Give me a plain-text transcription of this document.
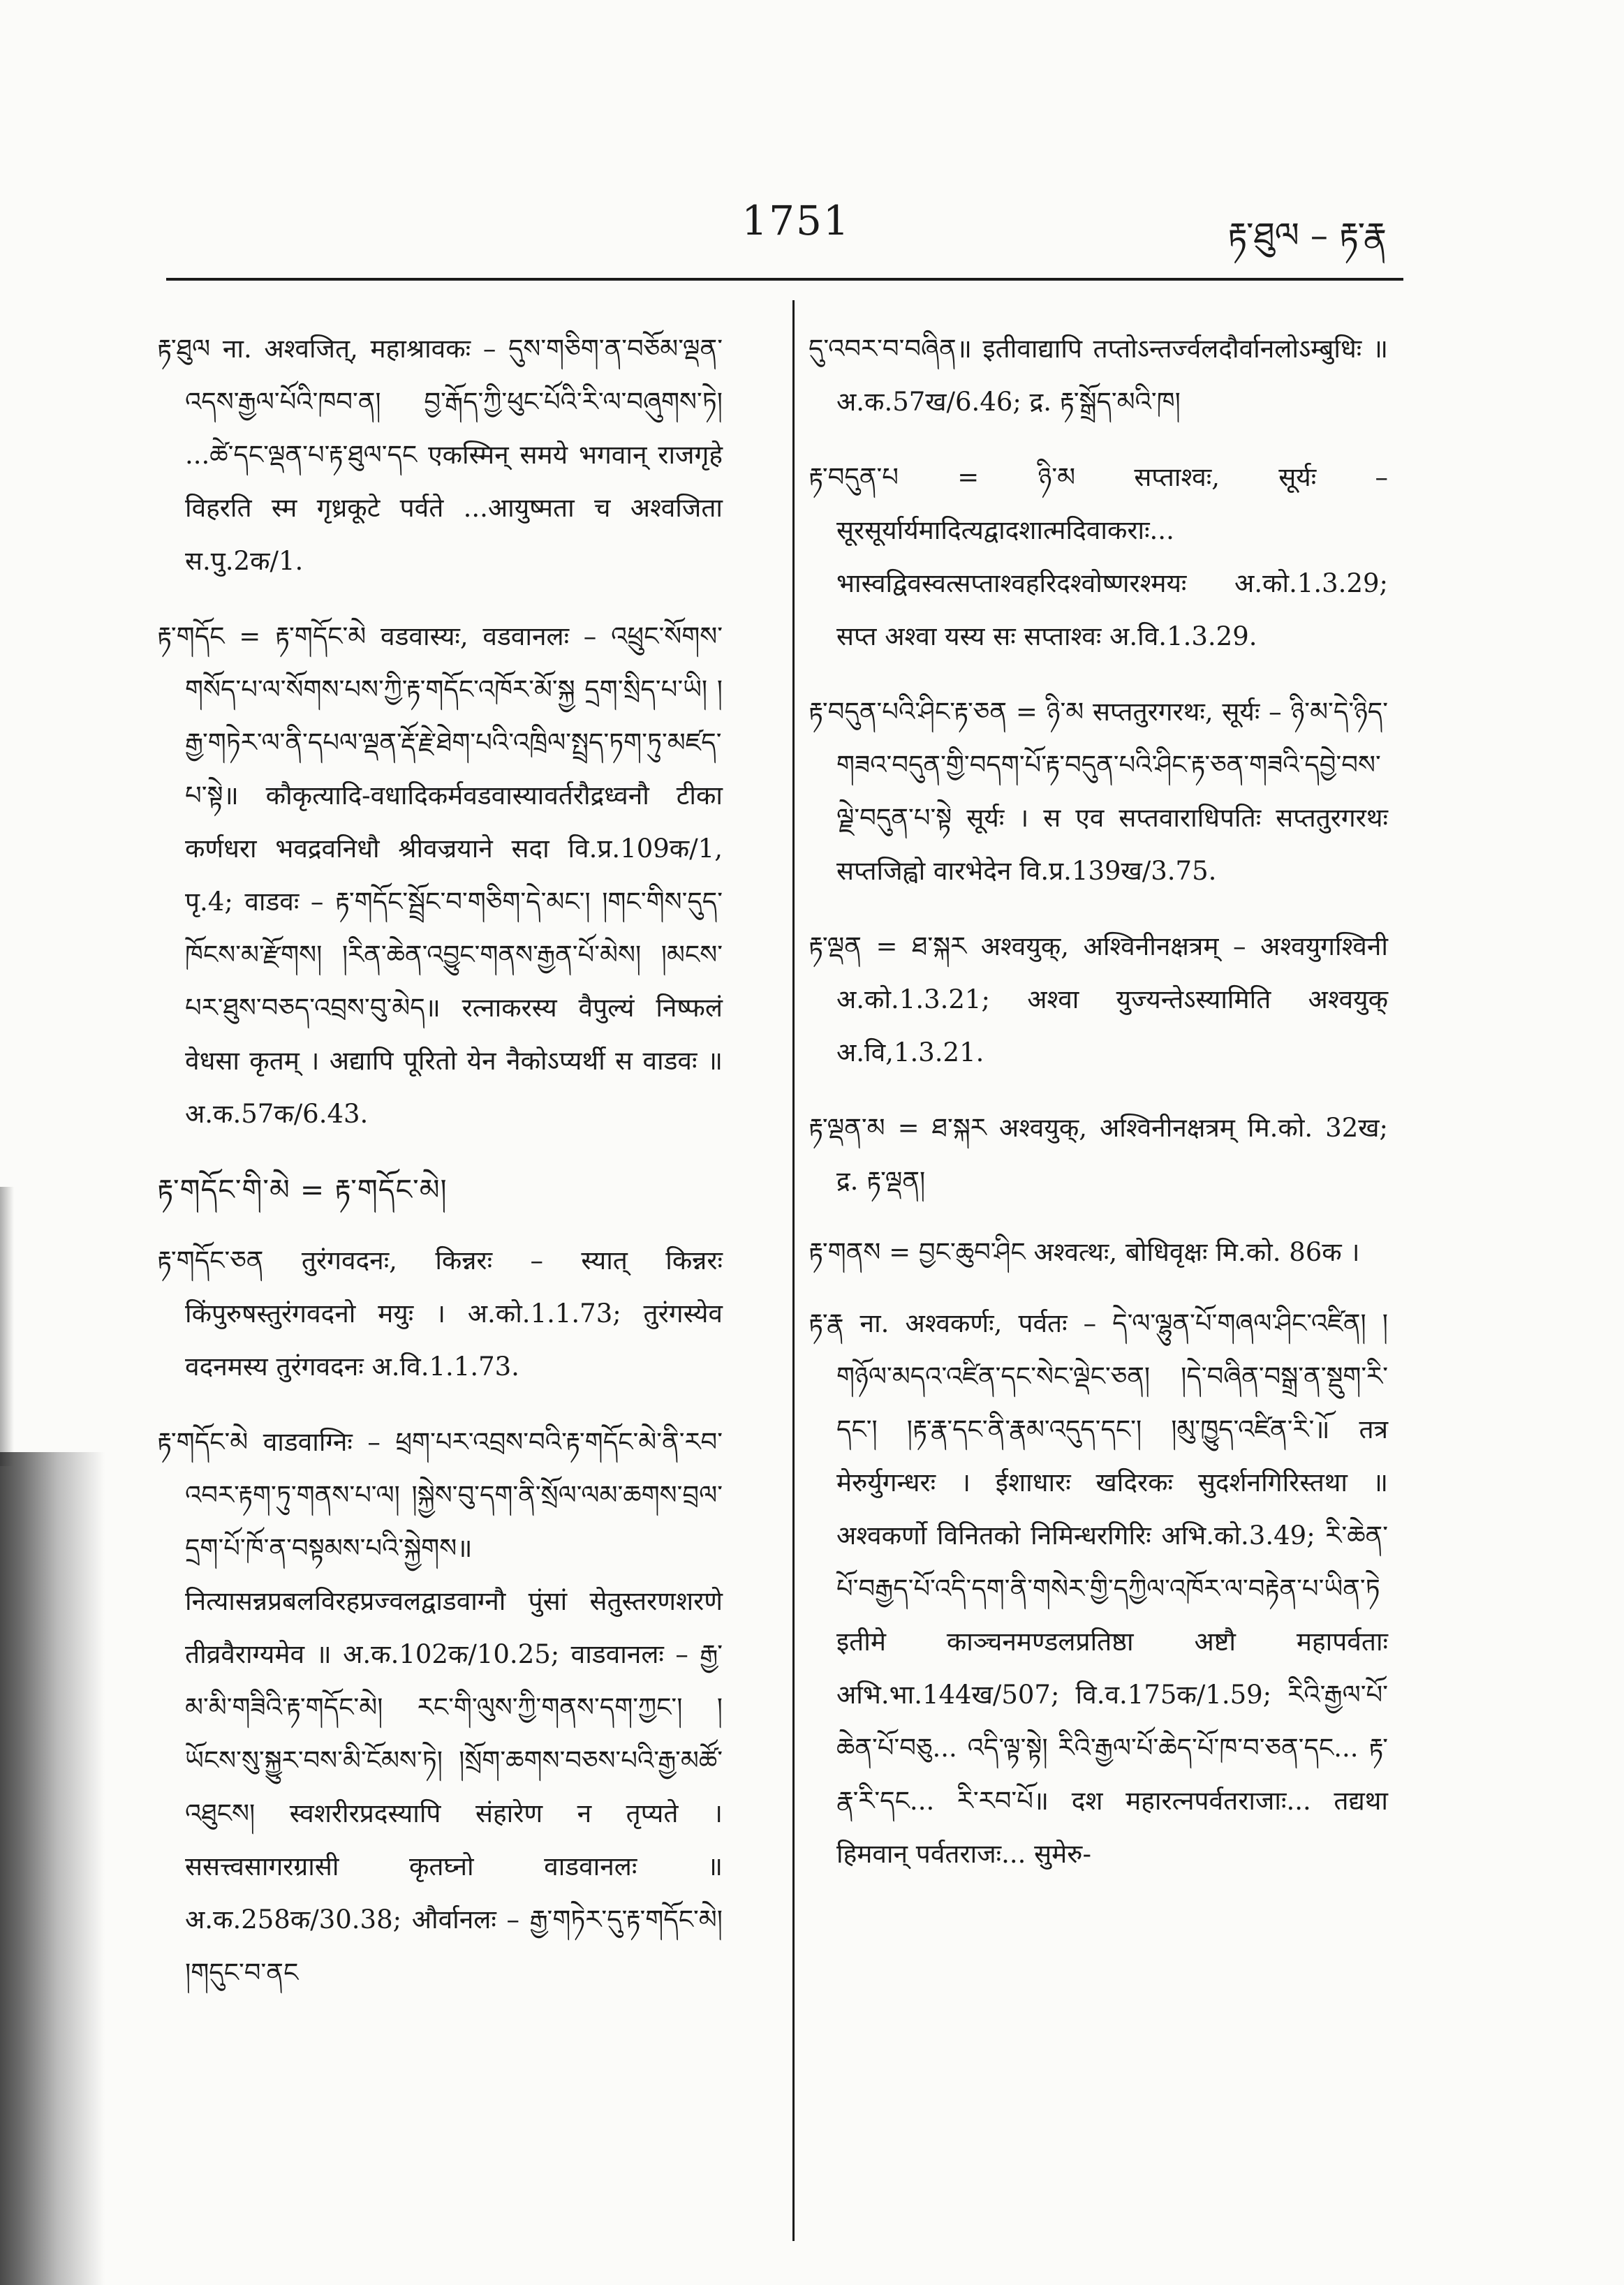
1751	རྟ་ཐུལ – རྟ་རྣ

རྟ་ཐུལ ना. अश्वजित्, महाश्रावकः – དུས་གཅིག་ན་བཅོམ་ལྡན་འདས་རྒྱལ་པོའི་ཁབ་ན། བྱ་རྒོད་ཀྱི་ཕུང་པོའི་རི་ལ་བཞུགས་ཏེ། ...ཚེ་དང་ལྡན་པ་རྟ་ཐུལ་དང एकस्मिन् समये भगवान् राजगृहे विहरति स्म गृध्रकूटे पर्वते ...आयुष्मता च अश्वजिता स.पु.2क/1.

རྟ་གདོང = རྟ་གདོང་མེ वडवास्यः, वडवानलः – འཕྲུང་སོགས་གསོད་པ་ལ་སོགས་པས་ཀྱི་རྟ་གདོང་འཁོར་མོ་སྐྱ དྲག་སྲིད་པ་ཡི། །རྒྱ་གཏེར་ལ་ནི་དཔལ་ལྡན་རྡོ་རྗེ་ཐེག་པའི་འཁྲིལ་སྤྲད་ཏག་ཏུ་མཛད་པ་སྟེ॥ कौकृत्यादि-वधादिकर्मवडवास्यावर्तरौद्रध्वनौ टीका कर्णधरा भवद्रवनिधौ श्रीवज्रयाने सदा वि.प्र.109क/1, पृ.4; वाडवः – རྟ་གདོང་སྦྲོང་བ་གཅིག་དེ་མང་། །གང་གིས་དུད་ཁོངས་མ་རྫོགས། །རིན་ཆེན་འབྱུང་གནས་རྒྱན་པོ་མེས། །མངས་པར་ཐུས་བཅད་འབྲས་བུ་མེད॥ रत्नाकरस्य वैपुल्यं निष्फलं वेधसा कृतम् । अद्यापि पूरितो येन नैकोऽप्यर्थी स वाडवः ॥ अ.क.57क/6.43.

རྟ་གདོང་གི་མེ = རྟ་གདོང་མེ།

རྟ་གདོང་ཅན तुरंगवदनः, किन्नरः – स्यात् किन्नरः किंपुरुषस्तुरंगवदनो मयुः । अ.को.1.1.73; तुरंगस्येव वदनमस्य तुरंगवदनः अ.वि.1.1.73.

རྟ་གདོང་མེ वाडवाग्निः – ཕྲག་པར་འབྲས་བའི་རྟ་གདོང་མེ་ནི་རབ་འབར་རྟག་ཏུ་གནས་པ་ལ། །སྐྱེས་བུ་དག་ནི་སྲོལ་ལམ་ཆགས་བྲལ་དྲག་པོ་ཁོ་ན་བསྟམས་པའི་སྐྱེགས॥ नित्यासन्नप्रबलविरहप्रज्वलद्वाडवाग्नौ पुंसां सेतुस्तरणशरणे तीव्रवैराग्यमेव ॥ अ.क.102क/10.25; वाडवानलः – རྒྱ་མ་མི་གཟིའི་རྟ་གདོང་མེ། རང་གི་ལུས་ཀྱི་གནས་དག་ཀྱང་། །ཡོངས་སུ་སྐྱུར་བས་མི་ངོམས་ཏེ། །སྲོག་ཆགས་བཅས་པའི་རྒྱ་མཚོ་འཐུངས། स्वशरीरप्रदस्यापि संहारेण न तृप्यते । ससत्त्वसागरग्रासी कृतघ्नो वाडवानलः ॥ अ.क.258क/30.38; और्वानलः – རྒྱ་གཏེར་དུ་རྟ་གདོང་མེ། །གདུང་བ་ནང

དུ་འབར་བ་བཞིན॥ इतीवाद्यापि तप्तोऽन्तर्ज्वलदौर्वानलोऽम्बुधिः ॥ अ.क.57ख/6.46; द्र. རྟ་སྒྲོད་མའི་ཁ།

རྟ་བདུན་པ = ཉི་མ सप्ताश्वः, सूर्यः – सूरसूर्यार्यमादित्यद्वादशात्मदिवाकराः... भास्वद्विवस्वत्सप्ताश्वहरिदश्वोष्णरश्मयः अ.को.1.3.29; सप्त अश्वा यस्य सः सप्ताश्वः अ.वि.1.3.29.

རྟ་བདུན་པའི་ཤིང་རྟ་ཅན = ཉི་མ सप्ततुरगरथः, सूर्यः – ཉི་མ་དེ་ཉིད་གཟའ་བདུན་གྱི་བདག་པོ་རྟ་བདུན་པའི་ཤིང་རྟ་ཅན་གཟའི་དབྱེ་བས་ལྗེ་བདུན་པ་སྟེ सूर्यः । स एव सप्तवाराधिपतिः सप्ततुरगरथः सप्तजिह्वो वारभेदेन वि.प्र.139ख/3.75.

རྟ་ལྡན = ཐ་སྐར अश्वयुक्, अश्विनीनक्षत्रम् – अश्वयुगश्विनी अ.को.1.3.21; अश्वा युज्यन्तेऽस्यामिति अश्वयुक् अ.वि,1.3.21.

རྟ་ལྡན་མ = ཐ་སྐར अश्वयुक्, अश्विनीनक्षत्रम् मि.को. 32ख; द्र. རྟ་ལྡན།

རྟ་གནས = བྱང་ཆུབ་ཤིང अश्वत्थः, बोधिवृक्षः मि.को. 86क ।

རྟ་རྣ ना. अश्वकर्णः, पर्वतः – དེ་ལ་ལྷུན་པོ་གཞལ་ཤིང་འཛིན། །གཉོལ་མདའ་འཛིན་དང་སེང་ལྡེང་ཅན། །དེ་བཞིན་བསྒྲ་ན་སྡུག་རི་དང་། །རྟ་རྣ་དང་ནི་རྣམ་འདུད་དང་། །མུ་ཁྱུད་འཛིན་རི་ོ॥ तत्र मेरुर्युगन्धरः । ईशाधारः खदिरकः सुदर्शनगिरिस्तथा ॥ अश्वकर्णो विनितको निमिन्धरगिरिः अभि.को.3.49; རི་ཆེན་པོ་བརྒྱད་པོ་འདི་དག་ནི་གསེར་གྱི་དཀྱིལ་འཁོར་ལ་བརྟེན་པ་ཡིན་ཏེ इतीमे काञ्चनमण्डलप्रतिष्ठा अष्टौ महापर्वताः अभि.भा.144ख/507; वि.व.175क/1.59; རིའི་རྒྱལ་པོ་ཆེན་པོ་བཅུ... འདི་ལྟ་སྟེ། རིའི་རྒྱལ་པོ་ཆེད་པོ་ཁ་བ་ཅན་དང... རྟ་རྣ་རི་དང... རི་རབ་པོ॥ दश महारत्नपर्वतराजाः... तद्यथा हिमवान् पर्वतराजः... सुमेरु-
